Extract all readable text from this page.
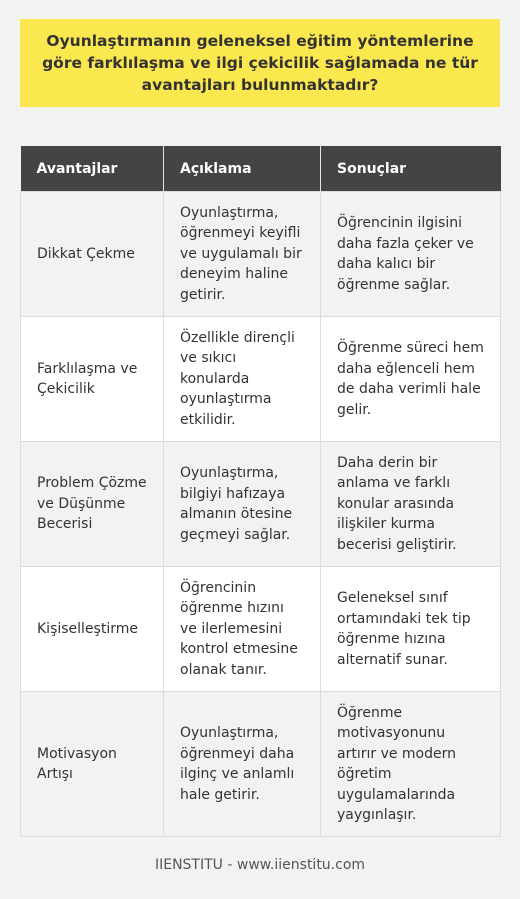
Oyunlaştırmanın geleneksel eğitim yöntemlerine göre farklılaşma ve ilgi çekicilik sağlamada ne tür avantajları bulunmaktadır?
Avantajlar	Açıklama	Sonuçlar
Dikkat Çekme	Oyunlaştırma, öğrenmeyi keyifli ve uygulamalı bir deneyim haline getirir.	Öğrencinin ilgisini daha fazla çeker ve daha kalıcı bir öğrenme sağlar.
Farklılaşma ve Çekicilik	Özellikle dirençli ve sıkıcı konularda oyunlaştırma etkilidir.	Öğrenme süreci hem daha eğlenceli hem de daha verimli hale gelir.
Problem Çözme ve Düşünme Becerisi	Oyunlaştırma, bilgiyi hafızaya almanın ötesine geçmeyi sağlar.	Daha derin bir anlama ve farklı konular arasında ilişkiler kurma becerisi geliştirir.
Kişiselleştirme	Öğrencinin öğrenme hızını ve ilerlemesini kontrol etmesine olanak tanır.	Geleneksel sınıf ortamındaki tek tip öğrenme hızına alternatif sunar.
Motivasyon Artışı	Oyunlaştırma, öğrenmeyi daha ilginç ve anlamlı hale getirir.	Öğrenme motivasyonunu artırır ve modern öğretim uygulamalarında yaygınlaşır.
IIENSTITU - www.iienstitu.com
